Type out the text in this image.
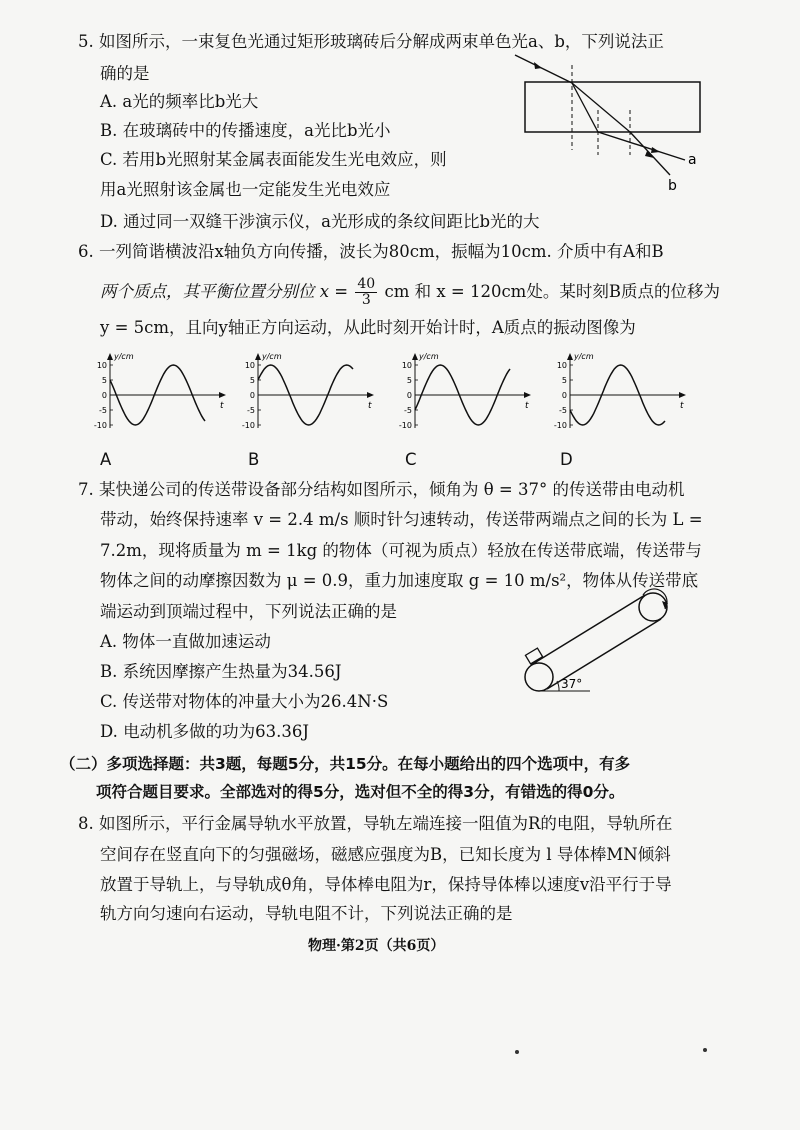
5. 如图所示，一束复色光通过矩形玻璃砖后分解成两束单色光a、b，下列说法正
确的是
A. a光的频率比b光大
B. 在玻璃砖中的传播速度，a光比b光小
C. 若用b光照射某金属表面能发生光电效应，则
用a光照射该金属也一定能发生光电效应
D. 通过同一双缝干涉演示仪，a光形成的条纹间距比b光的大
a
b
6. 一列简谐横波沿x轴负方向传播，波长为80cm，振幅为10cm. 介质中有A和B
两个质点，其平衡位置分别位 $x = \frac{40}{3}$ cm 和 x = 120cm处。某时刻B质点的位移为
y = 5cm，且向y轴正方向运动，从此时刻开始计时，A质点的振动图像为
y/cm
t
10
5
0
-5
-10
A
y/cm
t
10
5
0
-5
-10
B
y/cm
t
10
5
0
-5
-10
C
y/cm
t
10
5
0
-5
-10
D
7. 某快递公司的传送带设备部分结构如图所示，倾角为 θ = 37° 的传送带由电动机
带动，始终保持速率 v = 2.4 m/s 顺时针匀速转动，传送带两端点之间的长为 L =
7.2m，现将质量为 m = 1kg 的物体（可视为质点）轻放在传送带底端，传送带与
物体之间的动摩擦因数为 μ = 0.9，重力加速度取 g = 10 m/s²，物体从传送带底
端运动到顶端过程中，下列说法正确的是
A. 物体一直做加速运动
B. 系统因摩擦产生热量为34.56J
C. 传送带对物体的冲量大小为26.4N·S
D. 电动机多做的功为63.36J
37°
（二）多项选择题：共3题，每题5分，共15分。在每小题给出的四个选项中，有多
项符合题目要求。全部选对的得5分，选对但不全的得3分，有错选的得0分。
8. 如图所示，平行金属导轨水平放置，导轨左端连接一阻值为R的电阻，导轨所在
空间存在竖直向下的匀强磁场，磁感应强度为B，已知长度为 l 导体棒MN倾斜
放置于导轨上，与导轨成θ角，导体棒电阻为r，保持导体棒以速度v沿平行于导
轨方向匀速向右运动，导轨电阻不计，下列说法正确的是
物理·第2页（共6页）
